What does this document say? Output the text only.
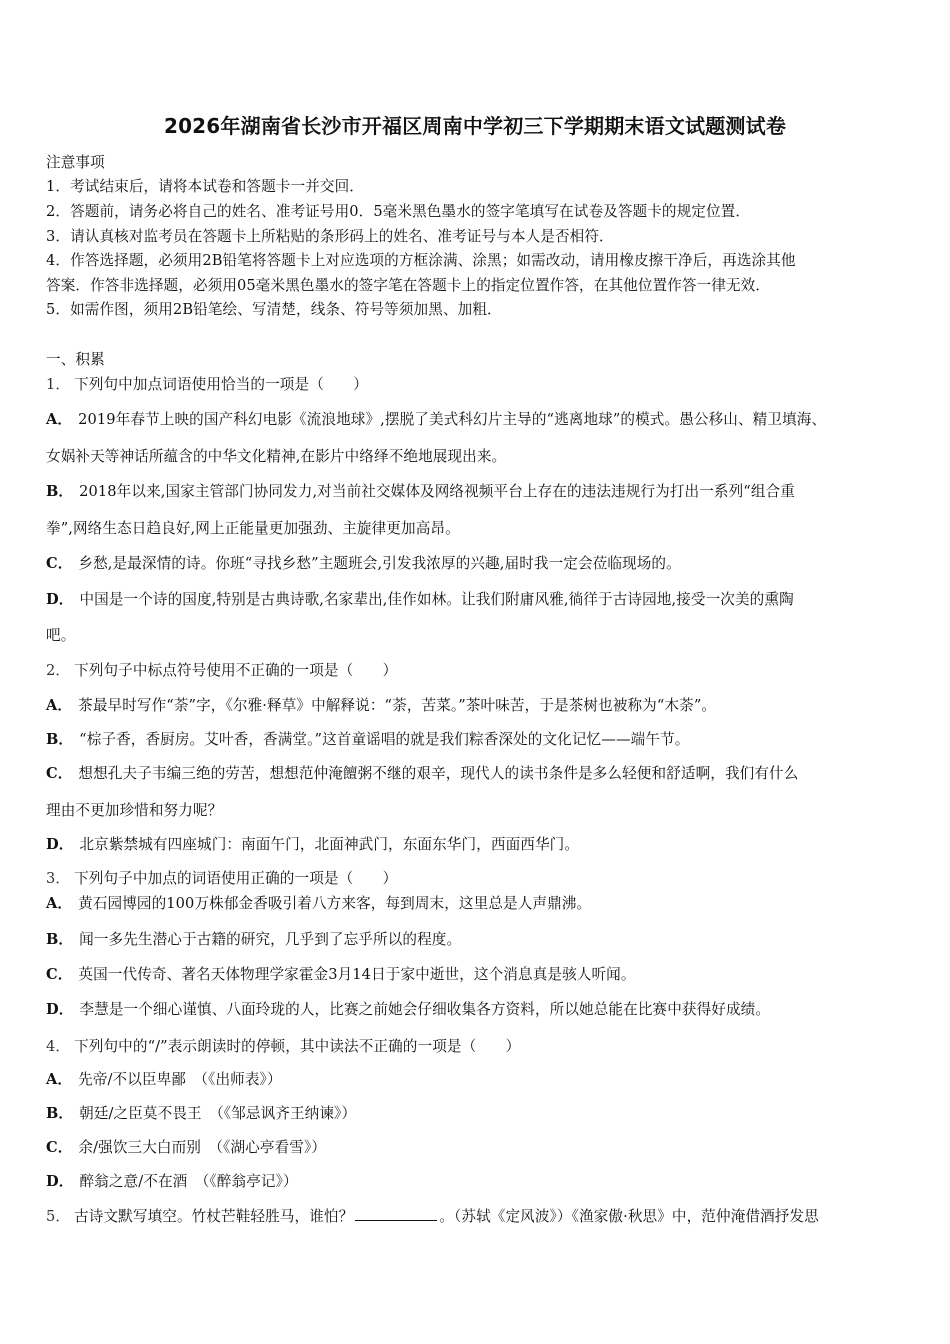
2026年湖南省长沙市开福区周南中学初三下学期期末语文试题测试卷
注意事项
1．考试结束后，请将本试卷和答题卡一并交回．
2．答题前，请务必将自己的姓名、准考证号用0．5毫米黑色墨水的签字笔填写在试卷及答题卡的规定位置．
3．请认真核对监考员在答题卡上所粘贴的条形码上的姓名、准考证号与本人是否相符．
4．作答选择题，必须用2B铅笔将答题卡上对应选项的方框涂满、涂黑；如需改动，请用橡皮擦干净后，再选涂其他
答案．作答非选择题，必须用05毫米黑色墨水的签字笔在答题卡上的指定位置作答，在其他位置作答一律无效．
5．如需作图，须用2B铅笔绘、写清楚，线条、符号等须加黑、加粗．
一、积累
1． 下列句中加点词语使用恰当的一项是（　　）
A． 2019年春节上映的国产科幻电影《流浪地球》,摆脱了美式科幻片主导的“逃离地球”的模式。愚公移山、精卫填海、
女娲补天等神话所蕴含的中华文化精神,在影片中络绎不绝地展现出来。
B． 2018年以来,国家主管部门协同发力,对当前社交媒体及网络视频平台上存在的违法违规行为打出一系列“组合重
拳”,网络生态日趋良好,网上正能量更加强劲、主旋律更加高昂。
C． 乡愁,是最深情的诗。你班“寻找乡愁”主题班会,引发我浓厚的兴趣,届时我一定会莅临现场的。
D． 中国是一个诗的国度,特别是古典诗歌,名家辈出,佳作如林。让我们附庸风雅,徜徉于古诗园地,接受一次美的熏陶
吧。
2． 下列句子中标点符号使用不正确的一项是（　　）
A． 茶最早时写作“荼”字，《尔雅·释草》中解释说：“荼，苦菜。”茶叶味苦，于是茶树也被称为“木荼”。
B． “棕子香，香厨房。艾叶香，香满堂。”这首童谣唱的就是我们粽香深处的文化记忆——端午节。
C． 想想孔夫子韦编三绝的劳苦，想想范仲淹饘粥不继的艰辛，现代人的读书条件是多么轻便和舒适啊，我们有什么
理由不更加珍惜和努力呢？
D． 北京紫禁城有四座城门：南面午门，北面神武门，东面东华门，西面西华门。
3． 下列句子中加点的词语使用正确的一项是（　　）
A． 黄石园博园的100万株郁金香吸引着八方来客，每到周末，这里总是人声鼎沸。
B． 闻一多先生潜心于古籍的研究，几乎到了忘乎所以的程度。
C． 英国一代传奇、著名天体物理学家霍金3月14日于家中逝世，这个消息真是骇人听闻。
D． 李慧是一个细心谨慎、八面玲珑的人，比赛之前她会仔细收集各方资料，所以她总能在比赛中获得好成绩。
4． 下列句中的“/”表示朗读时的停顿，其中读法不正确的一项是（　　）
A． 先帝/不以臣卑鄙　（《出师表》）
B． 朝廷/之臣莫不畏王　（《邹忌讽齐王纳谏》）
C． 余/强饮三大白而别　（《湖心亭看雪》）
D． 醉翁之意/不在酒　（《醉翁亭记》）
5． 古诗文默写填空。竹杖芒鞋轻胜马，谁怕？	。（苏轼《定风波》）《渔家傲·秋思》中，范仲淹借酒抒发思
